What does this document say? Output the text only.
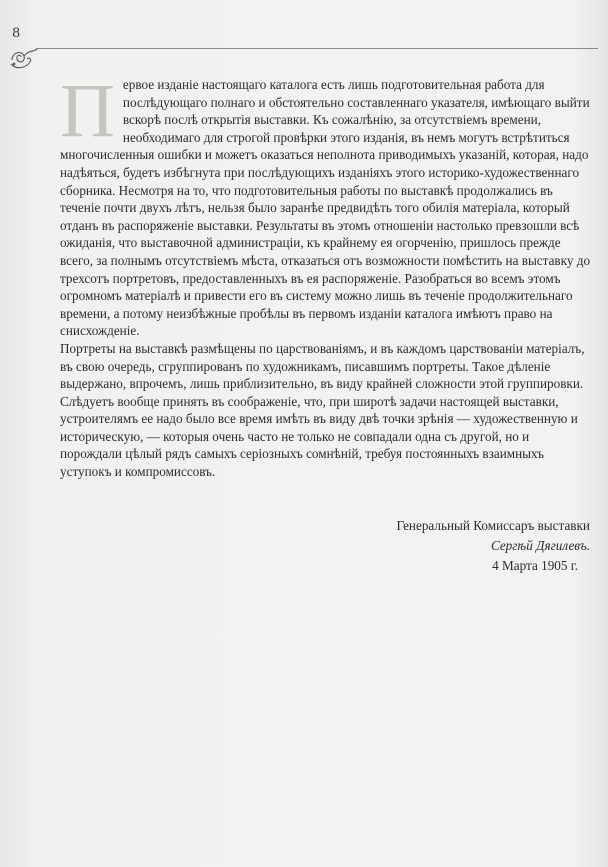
8

Первое изданіе настоящаго каталога есть лишь подготовительная работа для послѣдующаго полнаго и обстоятельно составленнаго указателя, имѣющаго выйти вскорѣ послѣ открытія выставки. Къ сожалѣнію, за отсутствіемъ времени, необходимаго для строгой провѣрки этого изданія, въ немъ могутъ встрѣтиться многочисленныя ошибки и можетъ оказаться неполнота приводимыхъ указаній, которая, надо надѣяться, будетъ избѣгнута при послѣдующихъ изданіяхъ этого историко-художественнаго сборника. Несмотря на то, что подготовительныя работы по выставкѣ продолжались въ теченіе почти двухъ лѣтъ, нельзя было заранѣе предвидѣть того обилія матеріала, который отданъ въ распоряженіе выставки. Результаты въ этомъ отношеніи настолько превзошли всѣ ожиданія, что выставочной администраціи, къ крайнему ея огорченію, пришлось прежде всего, за полнымъ отсутствіемъ мѣста, отказаться отъ возможности помѣстить на выставку до трехсотъ портретовъ, предоставленныхъ въ ея распоряженіе. Разобраться во всемъ этомъ огромномъ матеріалѣ и привести его въ систему можно лишь въ теченіе продолжительнаго времени, а потому неизбѣжные пробѣлы въ первомъ изданіи каталога имѣютъ право на снисхожденіе.

Портреты на выставкѣ размѣщены по царствованіямъ, и въ каждомъ царствованіи матеріалъ, въ свою очередь, сгруппированъ по художникамъ, писавшимъ портреты. Такое дѣленіе выдержано, впрочемъ, лишь приблизительно, въ виду крайней сложности этой группировки. Слѣдуетъ вообще принять въ соображеніе, что, при широтѣ задачи настоящей выставки, устроителямъ ее надо было все время имѣть въ виду двѣ точки зрѣнія — художественную и историческую, — которыя очень часто не только не совпадали одна съ другой, но и порождали цѣлый рядъ самыхъ серіозныхъ сомнѣній, требуя постоянныхъ взаимныхъ уступокъ и компромиссовъ.

Генеральный Комиссаръ выставки
Сергѣй Дягилевъ.
4 Марта 1905 г.
